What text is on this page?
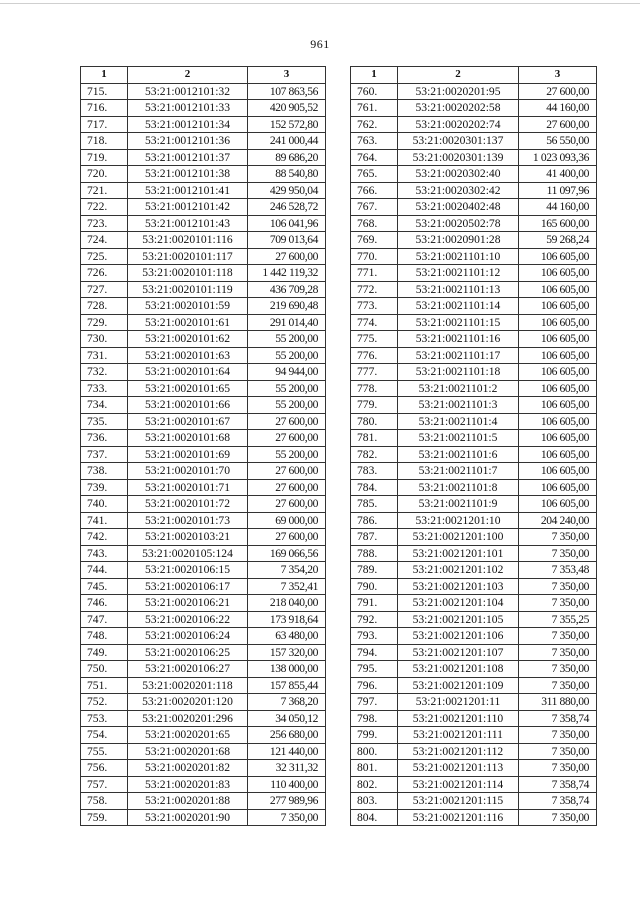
961
1	2	3
715.	53:21:0012101:32	107 863,56
716.	53:21:0012101:33	420 905,52
717.	53:21:0012101:34	152 572,80
718.	53:21:0012101:36	241 000,44
719.	53:21:0012101:37	89 686,20
720.	53:21:0012101:38	88 540,80
721.	53:21:0012101:41	429 950,04
722.	53:21:0012101:42	246 528,72
723.	53:21:0012101:43	106 041,96
724.	53:21:0020101:116	709 013,64
725.	53:21:0020101:117	27 600,00
726.	53:21:0020101:118	1 442 119,32
727.	53:21:0020101:119	436 709,28
728.	53:21:0020101:59	219 690,48
729.	53:21:0020101:61	291 014,40
730.	53:21:0020101:62	55 200,00
731.	53:21:0020101:63	55 200,00
732.	53:21:0020101:64	94 944,00
733.	53:21:0020101:65	55 200,00
734.	53:21:0020101:66	55 200,00
735.	53:21:0020101:67	27 600,00
736.	53:21:0020101:68	27 600,00
737.	53:21:0020101:69	55 200,00
738.	53:21:0020101:70	27 600,00
739.	53:21:0020101:71	27 600,00
740.	53:21:0020101:72	27 600,00
741.	53:21:0020101:73	69 000,00
742.	53:21:0020103:21	27 600,00
743.	53:21:0020105:124	169 066,56
744.	53:21:0020106:15	7 354,20
745.	53:21:0020106:17	7 352,41
746.	53:21:0020106:21	218 040,00
747.	53:21:0020106:22	173 918,64
748.	53:21:0020106:24	63 480,00
749.	53:21:0020106:25	157 320,00
750.	53:21:0020106:27	138 000,00
751.	53:21:0020201:118	157 855,44
752.	53:21:0020201:120	7 368,20
753.	53:21:0020201:296	34 050,12
754.	53:21:0020201:65	256 680,00
755.	53:21:0020201:68	121 440,00
756.	53:21:0020201:82	32 311,32
757.	53:21:0020201:83	110 400,00
758.	53:21:0020201:88	277 989,96
759.	53:21:0020201:90	7 350,00
1	2	3
760.	53:21:0020201:95	27 600,00
761.	53:21:0020202:58	44 160,00
762.	53:21:0020202:74	27 600,00
763.	53:21:0020301:137	56 550,00
764.	53:21:0020301:139	1 023 093,36
765.	53:21:0020302:40	41 400,00
766.	53:21:0020302:42	11 097,96
767.	53:21:0020402:48	44 160,00
768.	53:21:0020502:78	165 600,00
769.	53:21:0020901:28	59 268,24
770.	53:21:0021101:10	106 605,00
771.	53:21:0021101:12	106 605,00
772.	53:21:0021101:13	106 605,00
773.	53:21:0021101:14	106 605,00
774.	53:21:0021101:15	106 605,00
775.	53:21:0021101:16	106 605,00
776.	53:21:0021101:17	106 605,00
777.	53:21:0021101:18	106 605,00
778.	53:21:0021101:2	106 605,00
779.	53:21:0021101:3	106 605,00
780.	53:21:0021101:4	106 605,00
781.	53:21:0021101:5	106 605,00
782.	53:21:0021101:6	106 605,00
783.	53:21:0021101:7	106 605,00
784.	53:21:0021101:8	106 605,00
785.	53:21:0021101:9	106 605,00
786.	53:21:0021201:10	204 240,00
787.	53:21:0021201:100	7 350,00
788.	53:21:0021201:101	7 350,00
789.	53:21:0021201:102	7 353,48
790.	53:21:0021201:103	7 350,00
791.	53:21:0021201:104	7 350,00
792.	53:21:0021201:105	7 355,25
793.	53:21:0021201:106	7 350,00
794.	53:21:0021201:107	7 350,00
795.	53:21:0021201:108	7 350,00
796.	53:21:0021201:109	7 350,00
797.	53:21:0021201:11	311 880,00
798.	53:21:0021201:110	7 358,74
799.	53:21:0021201:111	7 350,00
800.	53:21:0021201:112	7 350,00
801.	53:21:0021201:113	7 350,00
802.	53:21:0021201:114	7 358,74
803.	53:21:0021201:115	7 358,74
804.	53:21:0021201:116	7 350,00
